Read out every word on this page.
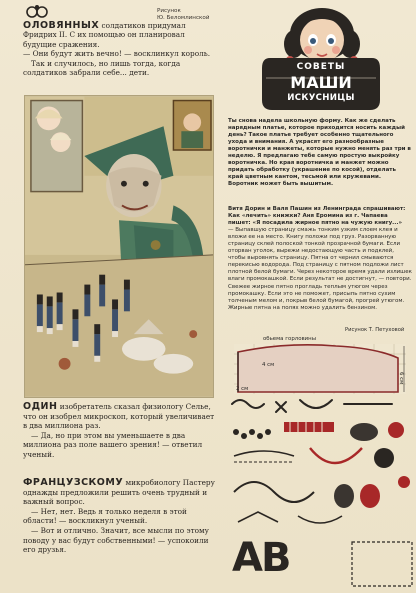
Рисунок
Ю. Беломлинской

ОЛОВЯННЫХ солдатиков придумал Фридрих II. С их помощью он планировал будущие сражения.

— Они будут жить вечно! — восклинкул король.

Так и случилось, но лишь тогда, когда солдатиков забрали себе... дети.

ОДИН изобретатель сказал физиологу Селье, что он изобрел микроскоп, который увеличивает в два миллиона раз.

— Да, но при этом вы уменьшаете в два миллиона раз поле вашего зрения! — ответил ученый.

ФРАНЦУЗСКОМУ микробиологу Пастеру однажды предложили решить очень трудный и важный вопрос.

— Нет, нет. Ведь я только неделя в этой области! — воскликнул ученый.

— Вот и отлично. Значит, все мысли по этому поводу у вас будут собственными! — успокоили его друзья.

СОВЕТЫ
МАШИ
ИСКУСНИЦЫ

Ты снова надела школьную форму. Как же сделать нарядным платье, которое приходится носить каждый день? Такое платье требует особенно тщательного ухода и внимания. А украсят его разнообразные воротнички и манжеты, которые нужно менять раз три в неделю. Я предлагаю тебе самую простую выкройку воротничка. Но края воротничка и манжет можно придать обработку (украшение по косой), отделать край цветным кантом, тесьмой или кружевами. Воротник может быть вышитым.

Витя Дорин и Валя Пашин из Ленинграда спрашивают: Как «лечить» книжки? Аня Еромина из г. Чапаева пишет: «Я посадила жирное пятно на чужую книгу...»

— Выпавшую страницу смажь тонким узким слоем клея и вложи ее на место. Книгу положи под груз. Разорванную страницу склей полоской тонкой прозрачной бумаги. Если оторван уголок, вырежи недостающую часть и подклей, чтобы выровнять страницу. Пятна от чернил смываются перекисью водорода. Под страницу с пятном подложи лист плотной белой бумаги. Через некоторое время удали излишек влаги промокашкой. Если результат не достигнут, — повтори. Свежее жирное пятно прогладь теплым утюгом через промокашку. Если это не поможет, присыпь пятно сухим толченым мелом и, покрыв белой бумагой, прогрей утюгом. Жирные пятна на полях можно удалить бензином.

Рисунок Т. Петуховой
обьема горловины
4 см
6 см
2 см
АВ
